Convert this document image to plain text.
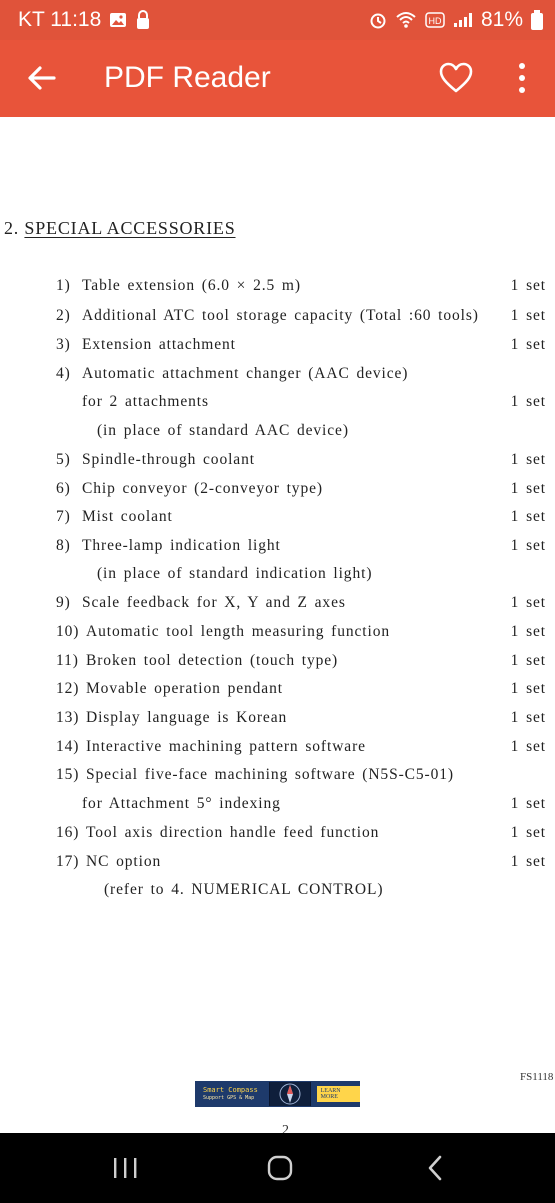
KT 11:18	HD 81%
PDF Reader
2. SPECIAL ACCESSORIES
1) Table extension (6.0 × 2.5 m)	1 set
2) Additional ATC tool storage capacity (Total :60 tools) 1 set
3) Extension attachment	1 set
4) Automatic attachment changer (AAC device)
for 2 attachments	1 set
(in place of standard AAC device)
5) Spindle-through coolant	1 set
6) Chip conveyor (2-conveyor type)	1 set
7) Mist coolant	1 set
8) Three-lamp indication light	1 set
(in place of standard indication light)
9) Scale feedback for X, Y and Z axes	1 set
10) Automatic tool length measuring function	1 set
11) Broken tool detection (touch type)	1 set
12) Movable operation pendant	1 set
13) Display language is Korean	1 set
14) Interactive machining pattern software	1 set
15) Special five-face machining software (N5S-C5-01)
for Attachment 5° indexing	1 set
16) Tool axis direction handle feed function	1 set
17) NC option	1 set
(refer to 4. NUMERICAL CONTROL)
FS1118
Smart Compass
Support GPS & Map
LEARN MORE
2
